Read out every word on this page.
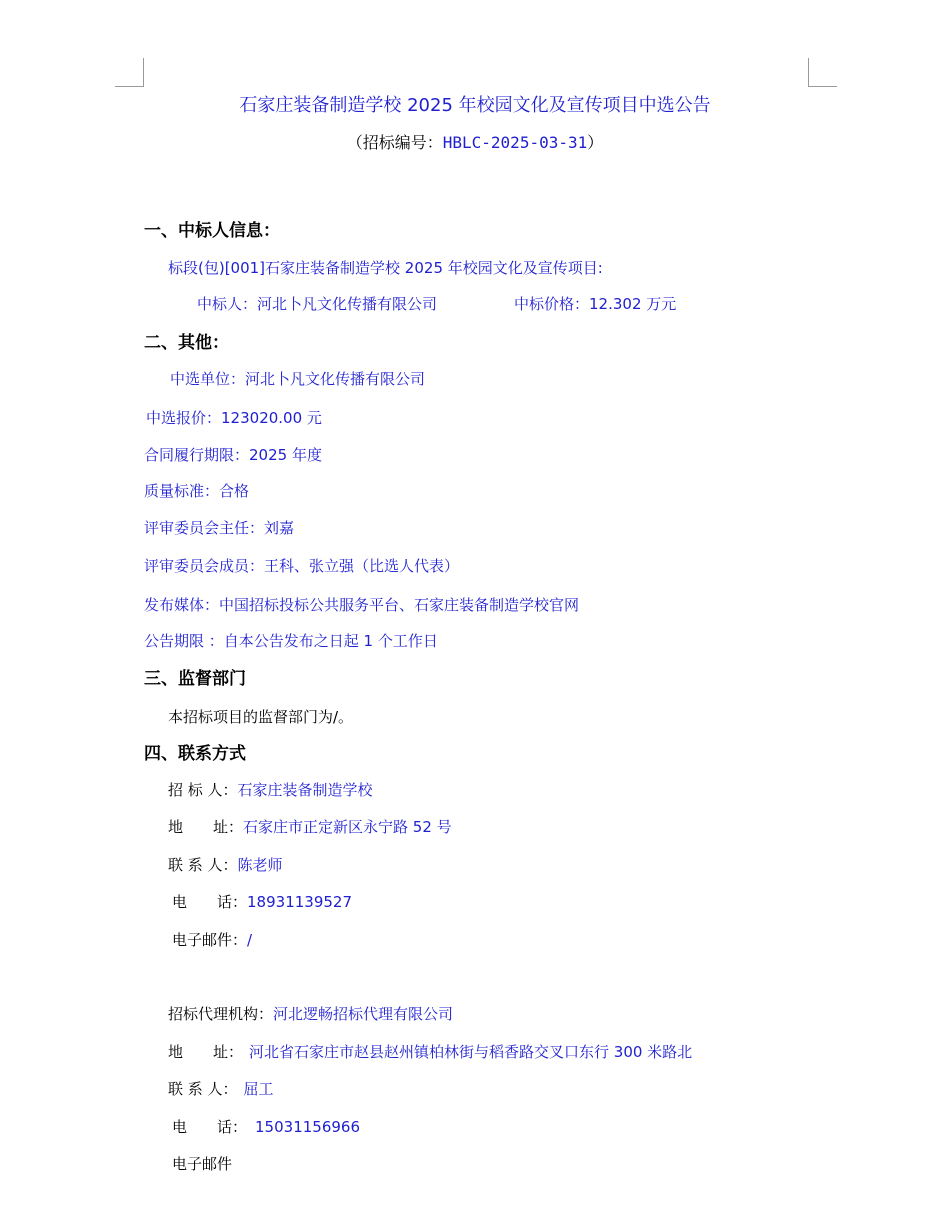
石家庄装备制造学校 2025 年校园文化及宣传项目中选公告
（招标编号：HBLC-2025-03-31）
一、中标人信息：
标段(包)[001]石家庄装备制造学校 2025 年校园文化及宣传项目:
中标人：河北卜凡文化传播有限公司	中标价格：12.302 万元
二、其他：
中选单位：河北卜凡文化传播有限公司
中选报价：123020.00 元
合同履行期限：2025 年度
质量标准：合格
评审委员会主任：刘嘉
评审委员会成员：王科、张立强（比选人代表）
发布媒体：中国招标投标公共服务平台、石家庄装备制造学校官网
公告期限 ：自本公告发布之日起 1 个工作日
三、监督部门
本招标项目的监督部门为/。
四、联系方式
招 标 人：石家庄装备制造学校
地　　址：石家庄市正定新区永宁路 52 号
联 系 人：陈老师
电　　话：18931139527
电子邮件：/
招标代理机构：河北逻畅招标代理有限公司
地　　址： 河北省石家庄市赵县赵州镇柏林街与稻香路交叉口东行 300 米路北
联 系 人： 屈工
电　　话： 15031156966
电子邮件
